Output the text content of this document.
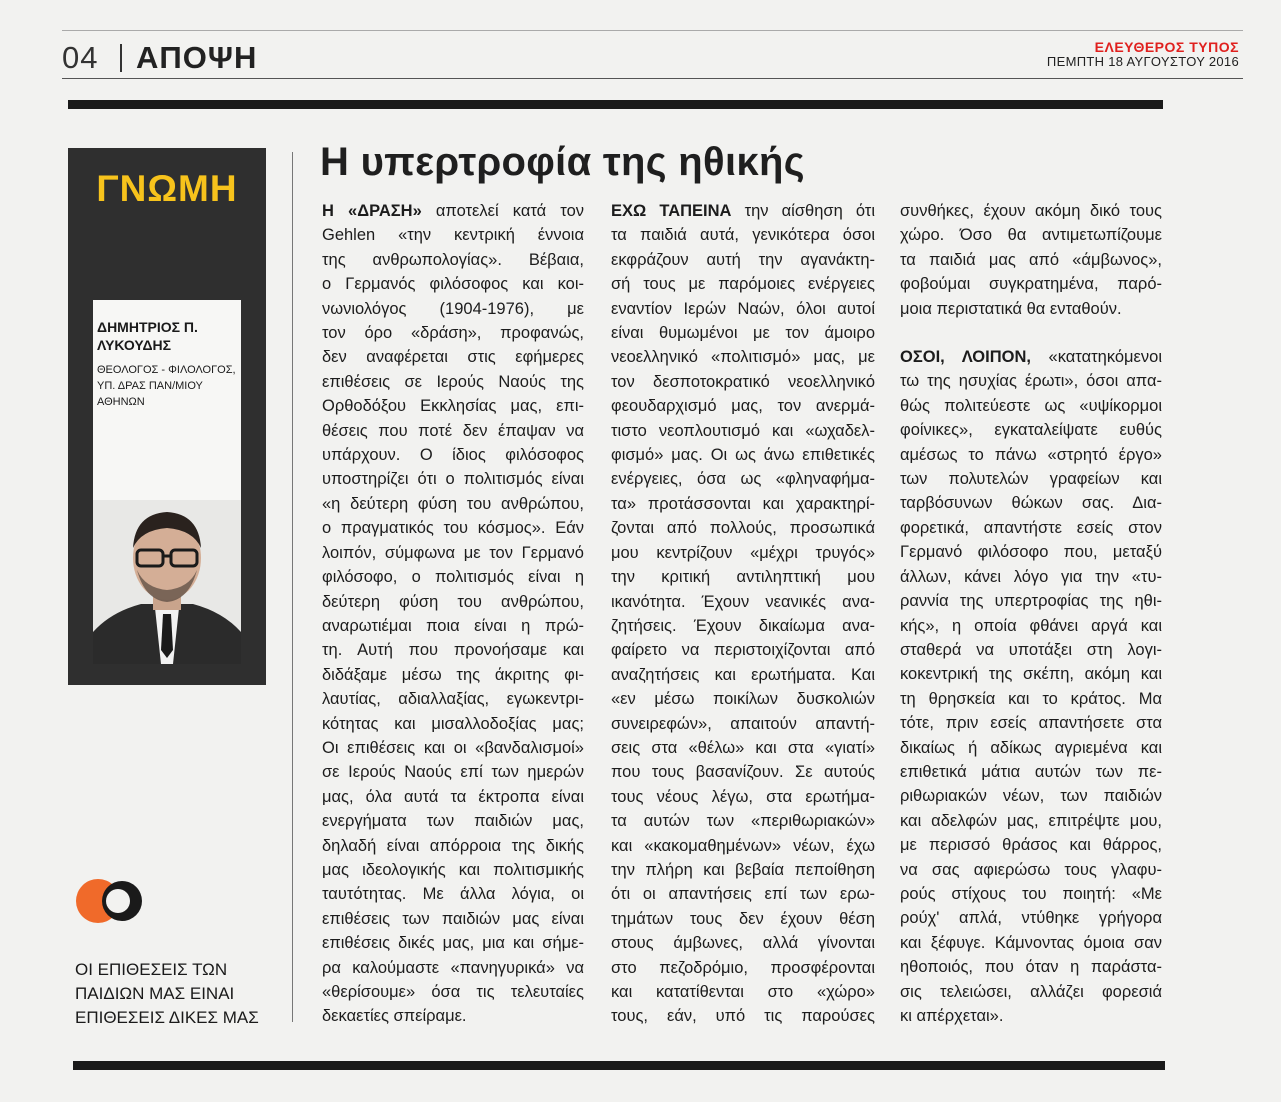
04 ΑΠΟΨΗ	ΕΛΕΥΘΕΡΟΣ ΤΥΠΟΣ
ΠΕΜΠΤΗ 18 ΑΥΓΟΥΣΤΟΥ 2016
ΓΝΩΜΗ
ΔΗΜΗΤΡΙΟΣ Π.
ΛΥΚΟΥΔΗΣ
ΘΕΟΛΟΓΟΣ - ΦΙΛΟΛΟΓΟΣ,
ΥΠ. ΔΡΑΣ ΠΑΝ/ΜΙΟΥ
ΑΘΗΝΩΝ
ΟΙ ΕΠΙΘΕΣΕΙΣ ΤΩΝ
ΠΑΙΔΙΩΝ ΜΑΣ ΕΙΝΑΙ
ΕΠΙΘΕΣΕΙΣ ΔΙΚΕΣ ΜΑΣ
Η υπερτροφία της ηθικής
Η «ΔΡΑΣΗ» αποτελεί κατά τον
Gehlen «την κεντρική έννοια
της ανθρωπολογίας». Βέβαια,
ο Γερμανός φιλόσοφος και κοι-
νωνιολόγος (1904-1976), με
τον όρο «δράση», προφανώς,
δεν αναφέρεται στις εφήμερες
επιθέσεις σε Ιερούς Ναούς της
Ορθοδόξου Εκκλησίας μας, επι-
θέσεις που ποτέ δεν έπαψαν να
υπάρχουν. Ο ίδιος φιλόσοφος
υποστηρίζει ότι ο πολιτισμός είναι
«η δεύτερη φύση του ανθρώπου,
ο πραγματικός του κόσμος». Εάν
λοιπόν, σύμφωνα με τον Γερμανό
φιλόσοφο, ο πολιτισμός είναι η
δεύτερη φύση του ανθρώπου,
αναρωτιέμαι ποια είναι η πρώ-
τη. Αυτή που προνοήσαμε και
διδάξαμε μέσω της άκριτης φι-
λαυτίας, αδιαλλαξίας, εγωκεντρι-
κότητας και μισαλλοδοξίας μας;
Οι επιθέσεις και οι «βανδαλισμοί»
σε Ιερούς Ναούς επί των ημερών
μας, όλα αυτά τα έκτροπα είναι
ενεργήματα των παιδιών μας,
δηλαδή είναι απόρροια της δικής
μας ιδεολογικής και πολιτισμικής
ταυτότητας. Με άλλα λόγια, οι
επιθέσεις των παιδιών μας είναι
επιθέσεις δικές μας, μια και σήμε-
ρα καλούμαστε «πανηγυρικά» να
«θερίσουμε» όσα τις τελευταίες
δεκαετίες σπείραμε.
ΕΧΩ ΤΑΠΕΙΝΑ την αίσθηση ότι
τα παιδιά αυτά, γενικότερα όσοι
εκφράζουν αυτή την αγανάκτη-
σή τους με παρόμοιες ενέργειες
εναντίον Ιερών Ναών, όλοι αυτοί
είναι θυμωμένοι με τον άμοιρο
νεοελληνικό «πολιτισμό» μας, με
τον δεσποτοκρατικό νεοελληνικό
φεουδαρχισμό μας, τον ανερμά-
τιστο νεοπλουτισμό και «ωχαδελ-
φισμό» μας. Οι ως άνω επιθετικές
ενέργειες, όσα ως «φληναφήμα-
τα» προτάσσονται και χαρακτηρί-
ζονται από πολλούς, προσωπικά
μου κεντρίζουν «μέχρι τρυγός»
την κριτική αντιληπτική μου
ικανότητα. Έχουν νεανικές ανα-
ζητήσεις. Έχουν δικαίωμα ανα-
φαίρετο να περιστοιχίζονται από
αναζητήσεις και ερωτήματα. Και
«εν μέσω ποικίλων δυσκολιών
συνειρεφών», απαιτούν απαντή-
σεις στα «θέλω» και στα «γιατί»
που τους βασανίζουν. Σε αυτούς
τους νέους λέγω, στα ερωτήμα-
τα αυτών των «περιθωριακών»
και «κακομαθημένων» νέων, έχω
την πλήρη και βεβαία πεποίθηση
ότι οι απαντήσεις επί των ερω-
τημάτων τους δεν έχουν θέση
στους άμβωνες, αλλά γίνονται
στο πεζοδρόμιο, προσφέρονται
και κατατίθενται στο «χώρο»
τους, εάν, υπό τις παρούσες
συνθήκες, έχουν ακόμη δικό τους
χώρο. Όσο θα αντιμετωπίζουμε
τα παιδιά μας από «άμβωνος»,
φοβούμαι συγκρατημένα, παρό-
μοια περιστατικά θα ενταθούν.
ΟΣΟΙ, ΛΟΙΠΟΝ, «κατατηκόμενοι
τω της ησυχίας έρωτι», όσοι απα-
θώς πολιτεύεστε ως «υψίκορμοι
φοίνικες», εγκαταλείψατε ευθύς
αμέσως το πάνω «στρητό έργο»
των πολυτελών γραφείων και
ταρβόσυνων θώκων σας. Δια-
φορετικά, απαντήστε εσείς στον
Γερμανό φιλόσοφο που, μεταξύ
άλλων, κάνει λόγο για την «τυ-
ραννία της υπερτροφίας της ηθι-
κής», η οποία φθάνει αργά και
σταθερά να υποτάξει στη λογι-
κοκεντρική της σκέπη, ακόμη και
τη θρησκεία και το κράτος. Μα
τότε, πριν εσείς απαντήσετε στα
δικαίως ή αδίκως αγριεμένα και
επιθετικά μάτια αυτών των πε-
ριθωριακών νέων, των παιδιών
και αδελφών μας, επιτρέψτε μου,
με περισσό θράσος και θάρρος,
να σας αφιερώσω τους γλαφυ-
ρούς στίχους του ποιητή: «Με
ρούχ' απλά, ντύθηκε γρήγορα
και ξέφυγε. Κάμνοντας όμοια σαν
ηθοποιός, που όταν η παράστα-
σις τελειώσει, αλλάζει φορεσιά
κι απέρχεται».
